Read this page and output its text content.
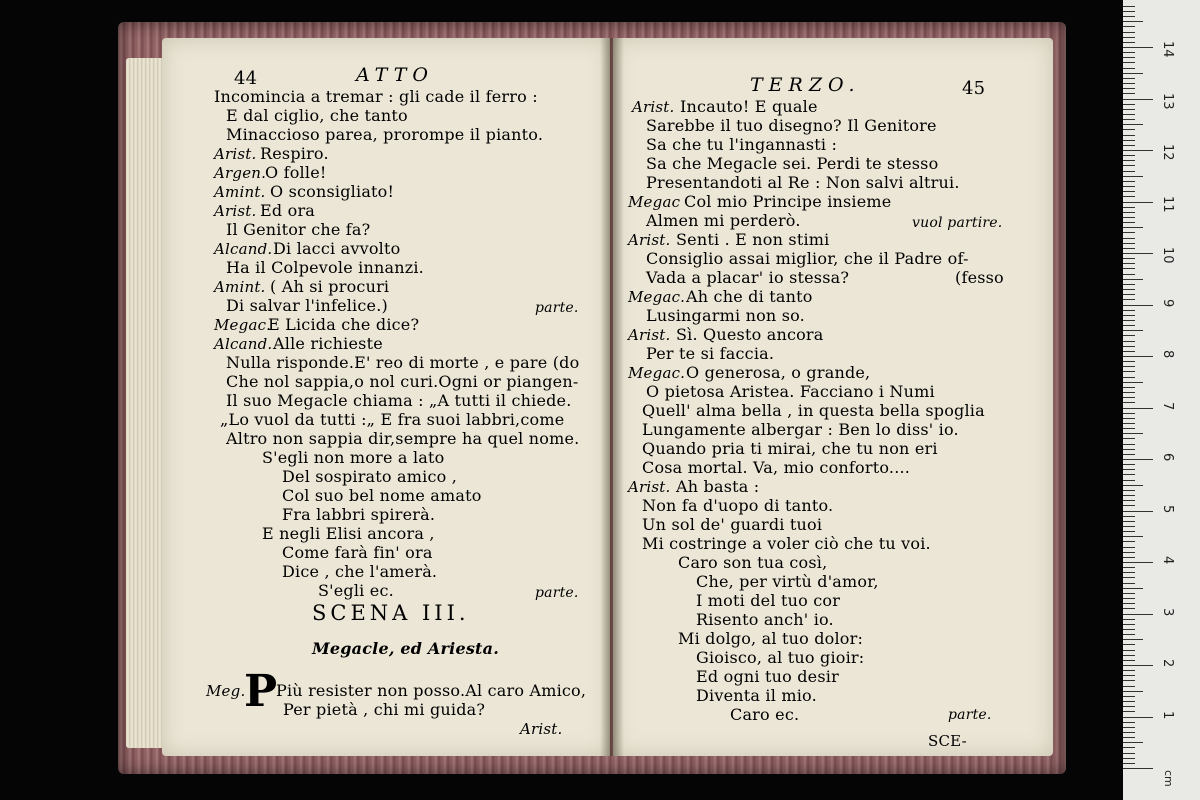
44	ATTO
Incomincia a tremar : gli cade il ferro :
E dal ciglio, che tanto
Minaccioso parea, prorompe il pianto.
Arist. Respiro.
Argen.
O folle!
Amint. O sconsigliato!
Arist. Ed ora
Il Genitor che fa?
Alcand. Di lacci avvolto
Ha il Colpevole innanzi.
Amint. ( Ah si procuri
Di salvar l'infelice.)	parte.
Megac.
E Licida che dice?
Alcand. Alle richieste
Nulla risponde.E' reo di morte , e pare (do
Che nol sappia,o nol curi.Ogni or piangen-
Il suo Megacle chiama : „A tutti il chiede.
„Lo vuol da tutti :„ E fra suoi labbri,come
Altro non sappia dir,sempre ha quel nome.
S'egli non more a lato
Del sospirato amico ,
Col suo bel nome amato
Fra labbri spirerà.
E negli Elisi ancora ,
Come farà fin' ora
Dice , che l'amerà.
S'egli ec.	parte.
SCENA III.
Megacle, ed Ariesta.
Meg.
P
Più resister non posso.Al caro Amico,
Per pietà , chi mi guida?
Arist.
TERZO.	45
Arist. Incauto! E quale
Sarebbe il tuo disegno? Il Genitore
Sa che tu l'ingannasti :
Sa che Megacle sei. Perdi te stesso
Presentandoti al Re : Non salvi altrui.
Megac Col mio Principe insieme
Almen mi perderò.	vuol partire.
Arist. Senti . E non stimi
Consiglio assai miglior, che il Padre of-
Vada a placar' io stessa?	(fesso
Megac. Ah che di tanto
Lusingarmi non so.
Arist. Sì. Questo ancora
Per te si faccia.
Megac. O generosa, o grande,
O pietosa Aristea. Facciano i Numi
Quell' alma bella , in questa bella spoglia
Lungamente albergar : Ben lo diss' io.
Quando pria ti mirai, che tu non eri
Cosa mortal. Va, mio conforto....
Arist. Ah basta :
Non fa d'uopo di tanto.
Un sol de' guardi tuoi
Mi costringe a voler ciò che tu voi.
Caro son tua così,
Che, per virtù d'amor,
I moti del tuo cor
Risento anch' io.
Mi dolgo, al tuo dolor:
Gioisco, al tuo gioir:
Ed ogni tuo desir
Diventa il mio.
Caro ec.	parte.
SCE-
1
2
3
4
5
6
7
8
9
10
11
12
13
14
cm
